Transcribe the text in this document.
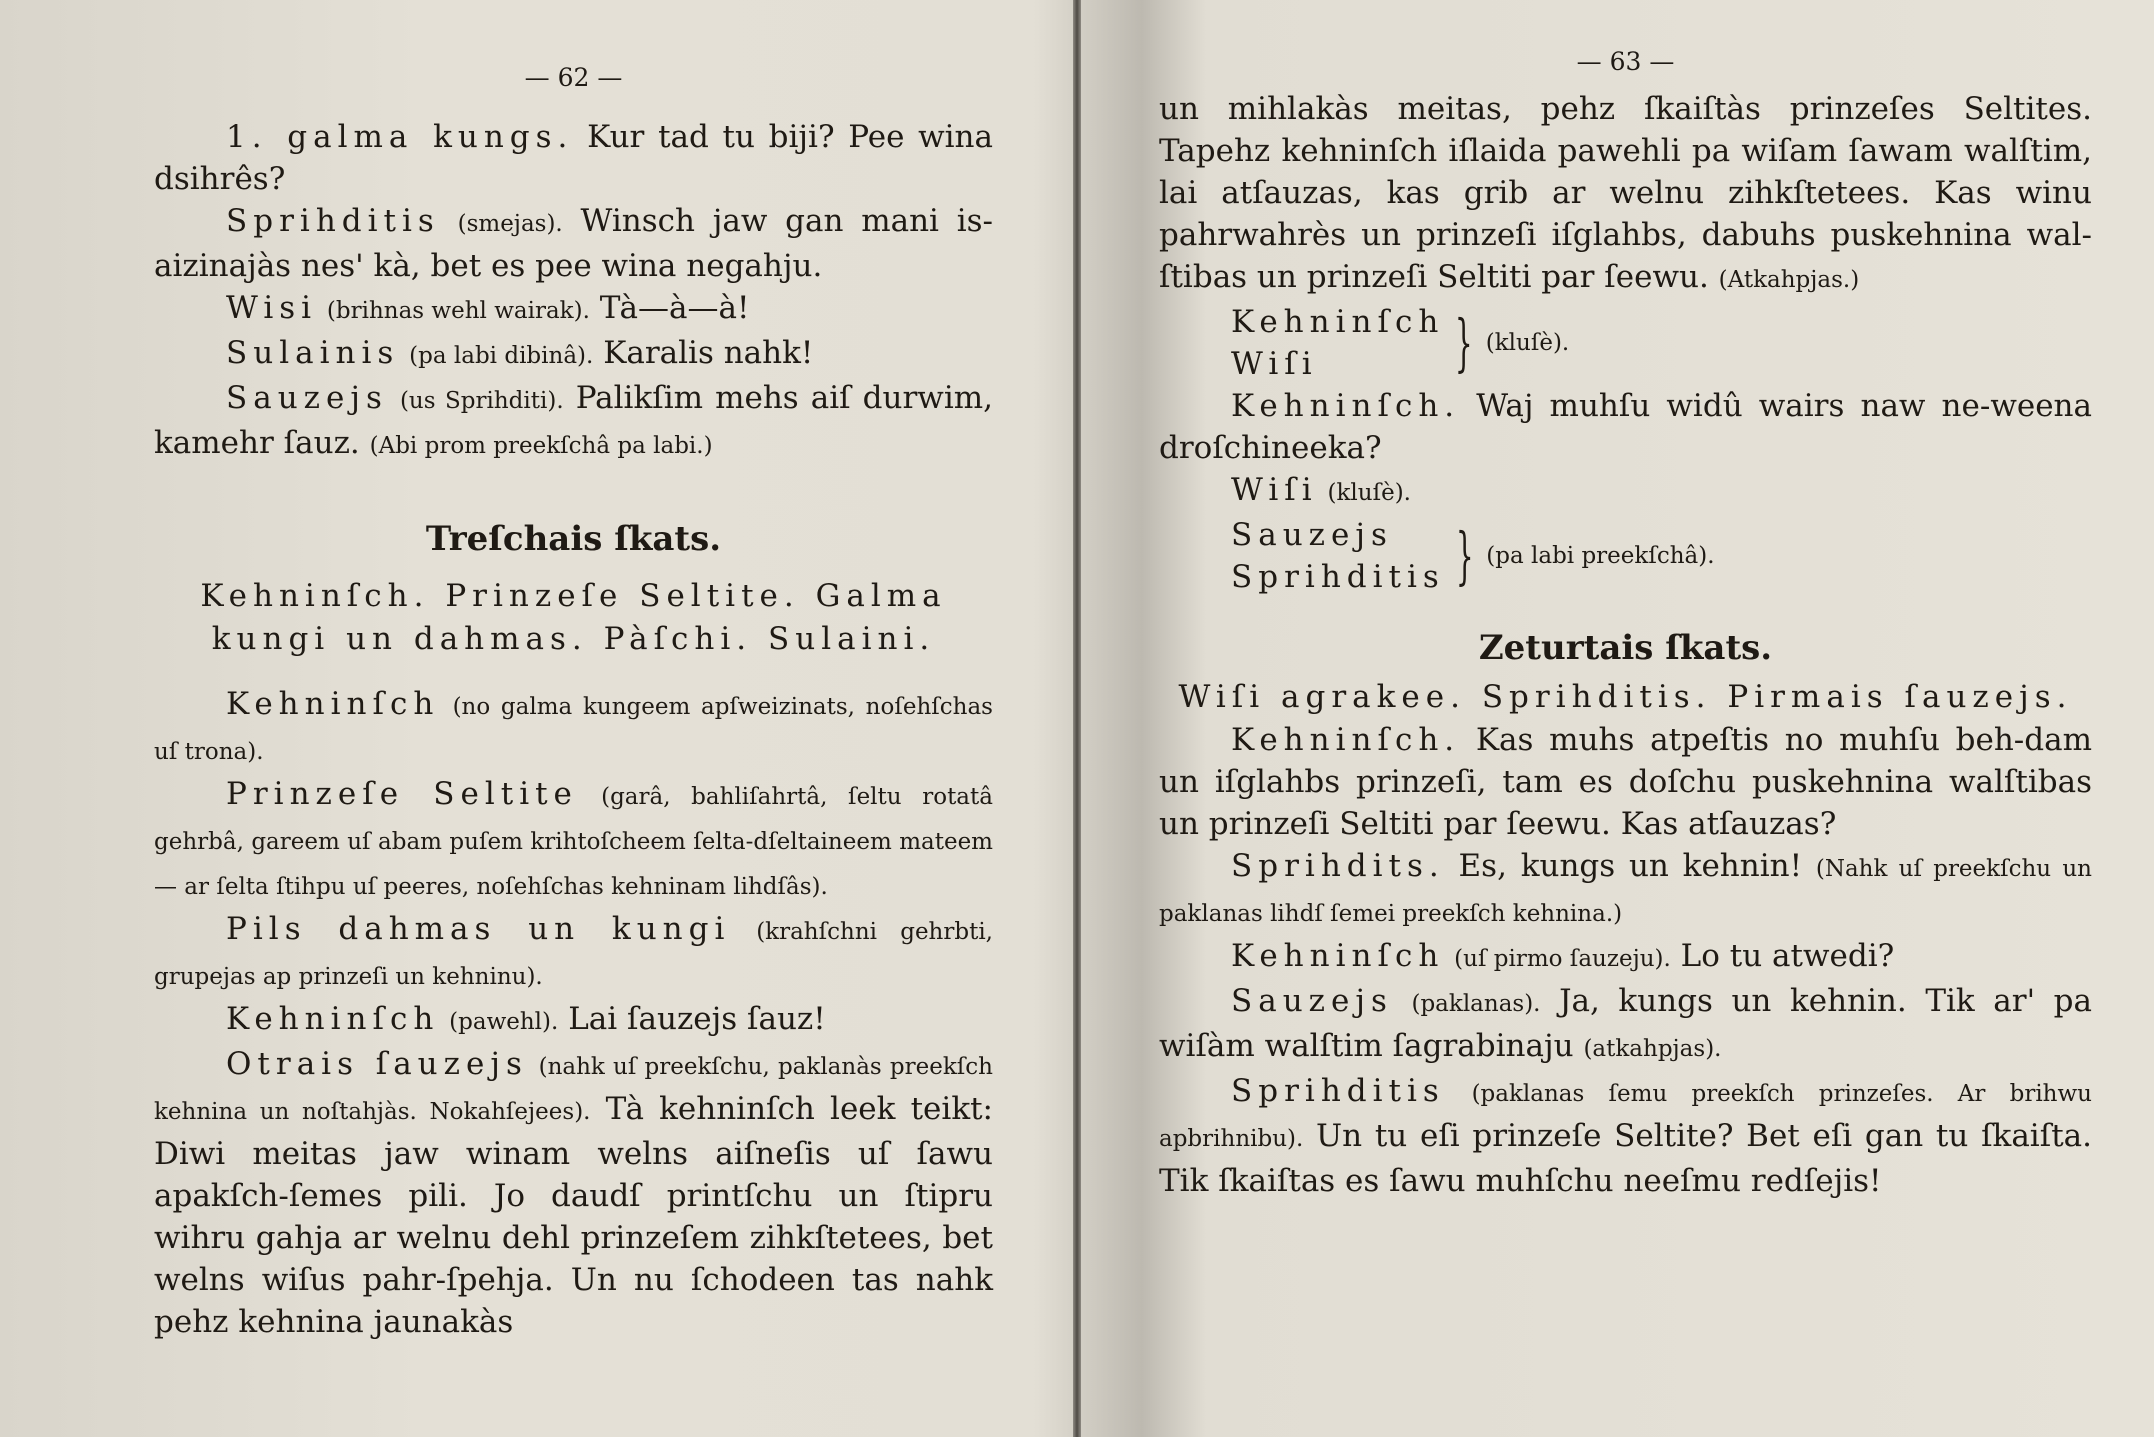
— 62 —

1. galma kungs. Kur tad tu biji? Pee wina dsihrês?

Sprihditis (smejas). Winsch jaw gan mani is-aizinajàs nes' kà, bet es pee wina negahju.

Wisi (brihnas wehl wairak). Tà—à—à!

Sulainis (pa labi dibinâ). Karalis nahk!

Sauzejs (us Sprihditi). Palikſim mehs aiſ durwim, kamehr ſauz. (Abi prom preekſchâ pa labi.)

Treſchais ſkats.

Kehninſch. Prinzeſe Seltite. Galma kungi un dahmas. Pàſchi. Sulaini.

Kehninſch (no galma kungeem apſweizinats, noſehſchas uſ trona).

Prinzeſe Seltite (garâ, bahliſahrtâ, ſeltu rotatâ gehrbâ, gareem uſ abam puſem krihtoſcheem ſelta-dſeltaineem mateem — ar ſelta ſtihpu uſ peeres, noſehſchas kehninam lihdſâs).

Pils dahmas un kungi (krahſchni gehrbti, grupejas ap prinzeſi un kehninu).

Kehninſch (pawehl). Lai ſauzejs ſauz!

Otrais ſauzejs (nahk uſ preekſchu, paklanàs preekſch kehnina un noſtahjàs. Nokahſejees). Tà kehninſch leek teikt: Diwi meitas jaw winam welns aiſneſis uſ ſawu apakſch-ſemes pili. Jo daudſ printſchu un ſtipru wihru gahja ar welnu dehl prinzeſem zihkſtetees, bet welns wiſus pahr-ſpehja. Un nu ſchodeen tas nahk pehz kehnina jaunakàs

— 63 —

un mihlakàs meitas, pehz ſkaiſtàs prinzeſes Seltites. Tapehz kehninſch iſlaida pawehli pa wiſam ſawam walſtim, lai atſauzas, kas grib ar welnu zihkſtetees. Kas winu pahrwahrès un prinzeſi iſglahbs, dabuhs puskehnina wal-ſtibas un prinzeſi Seltiti par ſeewu. (Atkahpjas.)

Kehninſch
Wiſi	} (kluſè).

Kehninſch. Waj muhſu widû wairs naw ne-weena droſchineeka?

Wiſi (kluſè).

Sauzejs
Sprihditis } (pa labi preekſchâ).
Zeturtais ſkats.

Wiſi agrakee. Sprihditis. Pirmais ſauzejs.

Kehninſch. Kas muhs atpeſtis no muhſu beh-dam un iſglahbs prinzeſi, tam es doſchu puskehnina walſtibas un prinzeſi Seltiti par ſeewu. Kas atſauzas?

Sprihdits. Es, kungs un kehnin! (Nahk uſ preekſchu un paklanas lihdſ ſemei preekſch kehnina.)

Kehninſch (uſ pirmo ſauzeju). Lo tu atwedi?

Sauzejs (paklanas). Ja, kungs un kehnin. Tik ar' pa wiſàm walſtim ſagrabinaju (atkahpjas).

Sprihditis (paklanas ſemu preekſch prinzeſes. Ar brihwu apbrihnibu). Un tu eſi prinzeſe Seltite? Bet eſi gan tu ſkaiſta. Tik ſkaiſtas es ſawu muhſchu neeſmu redſejis!
